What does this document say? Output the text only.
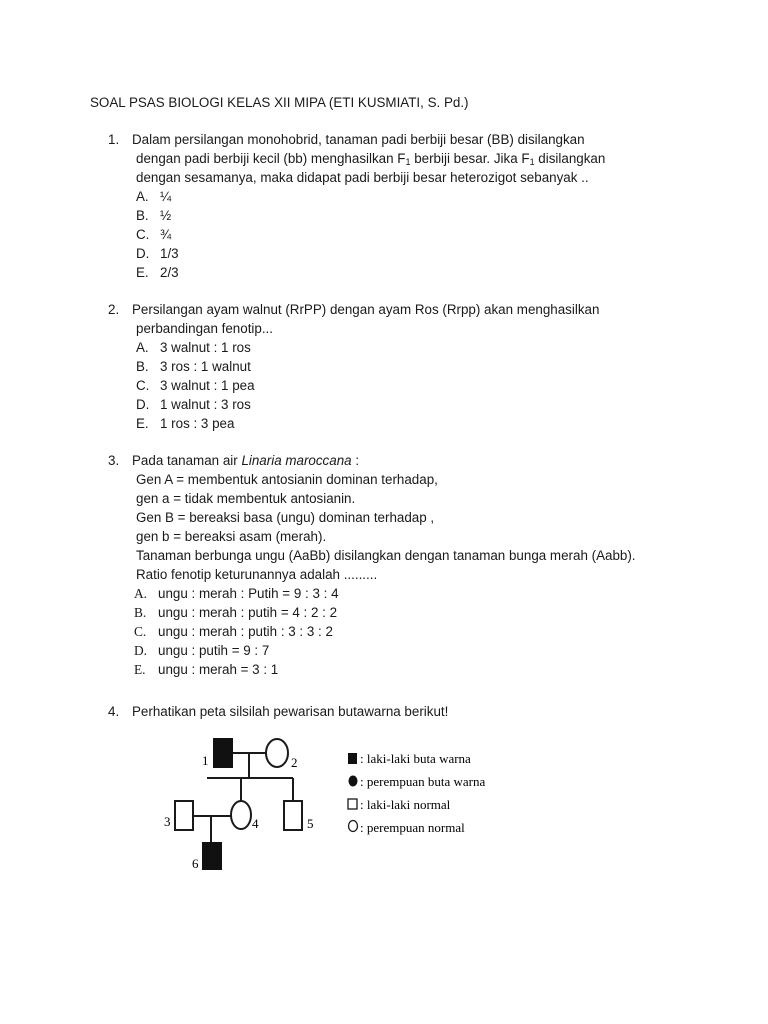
SOAL PSAS BIOLOGI KELAS XII MIPA (ETI KUSMIATI, S. Pd.)
1. Dalam persilangan monohobrid, tanaman padi berbiji besar (BB) disilangkan
dengan padi berbiji kecil (bb) menghasilkan $F_1$ berbiji besar. Jika $F_1$ disilangkan
dengan sesamanya, maka didapat padi berbiji besar heterozigot sebanyak ..
A. ¼
B. ½
C. ¾
D. 1/3
E. 2/3
2. Persilangan ayam walnut (RrPP) dengan ayam Ros (Rrpp) akan menghasilkan
perbandingan fenotip...
A. 3 walnut : 1 ros
B. 3 ros : 1 walnut
C. 3 walnut : 1 pea
D. 1 walnut : 3 ros
E. 1 ros : 3 pea
3. Pada tanaman air Linaria maroccana :
Gen A = membentuk antosianin dominan terhadap,
gen a = tidak membentuk antosianin.
Gen B = bereaksi basa (ungu) dominan terhadap ,
gen b = bereaksi asam (merah).
Tanaman berbunga ungu (AaBb) disilangkan dengan tanaman bunga merah (Aabb).
Ratio fenotip keturunannya adalah .........
A. ungu : merah : Putih = 9 : 3 : 4
B. ungu : merah : putih = 4 : 2 : 2
C. ungu : merah : putih : 3 : 3 : 2
D. ungu : putih = 9 : 7
E. ungu : merah = 3 : 1
4. Perhatikan peta silsilah pewarisan butawarna berikut!
1	2
3	4	5
6
: laki-laki buta warna
: perempuan buta warna
: laki-laki normal
: perempuan normal
